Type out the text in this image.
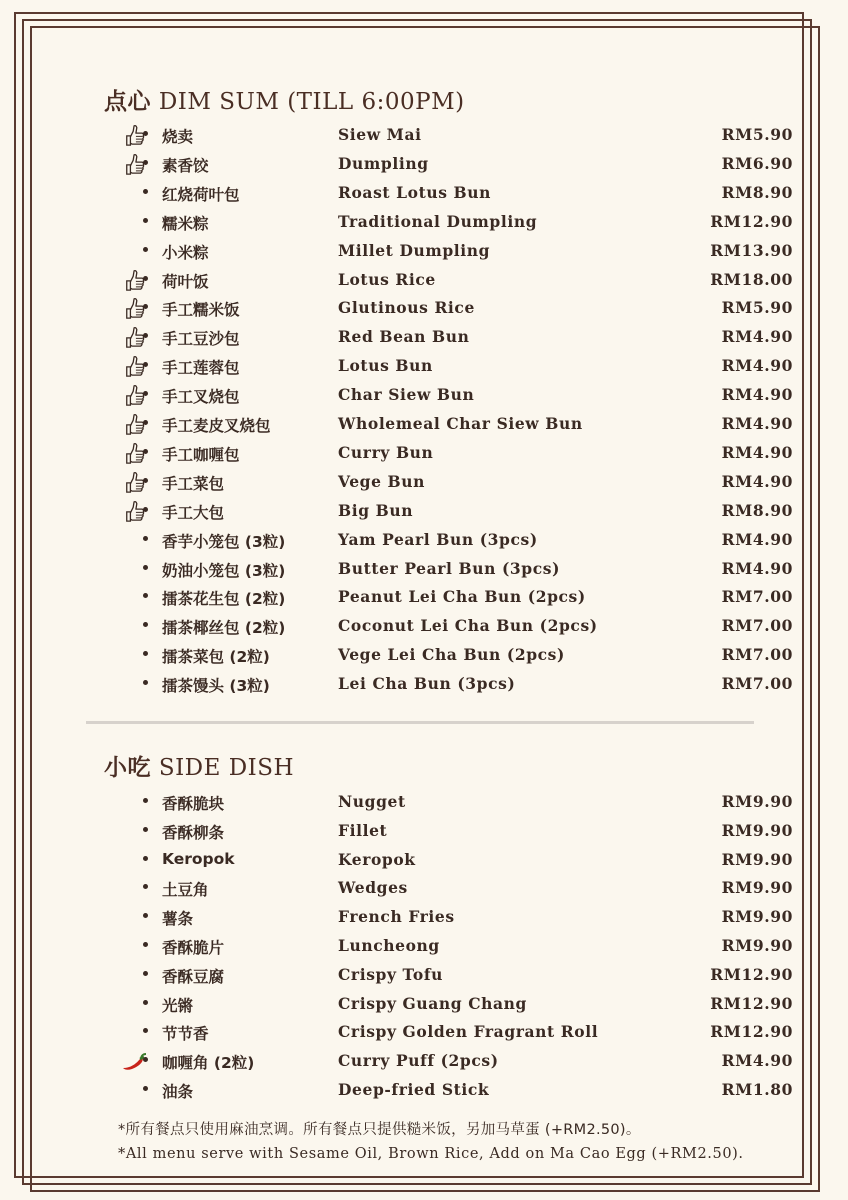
点心 DIM SUM (TILL 6:00PM)
烧卖	Siew Mai	RM5.90
素香饺	Dumpling	RM6.90
红烧荷叶包	Roast Lotus Bun	RM8.90
糯米粽	Traditional Dumpling	RM12.90
小米粽	Millet Dumpling	RM13.90
荷叶饭	Lotus Rice	RM18.00
手工糯米饭	Glutinous Rice	RM5.90
手工豆沙包	Red Bean Bun	RM4.90
手工莲蓉包	Lotus Bun	RM4.90
手工叉烧包	Char Siew Bun	RM4.90
手工麦皮叉烧包	Wholemeal Char Siew Bun	RM4.90
手工咖喱包	Curry Bun	RM4.90
手工菜包	Vege Bun	RM4.90
手工大包	Big Bun	RM8.90
香芋小笼包 (3粒)	Yam Pearl Bun (3pcs)	RM4.90
奶油小笼包 (3粒)	Butter Pearl Bun (3pcs)	RM4.90
擂茶花生包 (2粒)	Peanut Lei Cha Bun (2pcs)	RM7.00
擂茶椰丝包 (2粒)	Coconut Lei Cha Bun (2pcs)	RM7.00
擂茶菜包 (2粒)	Vege Lei Cha Bun (2pcs)	RM7.00
擂茶馒头 (3粒)	Lei Cha Bun (3pcs)	RM7.00
小吃 SIDE DISH
香酥脆块	Nugget	RM9.90
香酥柳条	Fillet	RM9.90
Keropok	Keropok	RM9.90
土豆角	Wedges	RM9.90
薯条	French Fries	RM9.90
香酥脆片	Luncheong	RM9.90
香酥豆腐	Crispy Tofu	RM12.90
光锵	Crispy Guang Chang	RM12.90
节节香	Crispy Golden Fragrant Roll	RM12.90
咖喱角 (2粒)	Curry Puff (2pcs)	RM4.90
油条	Deep-fried Stick	RM1.80
*所有餐点只使用麻油烹调。所有餐点只提供糙米饭，另加马草蛋 (+RM2.50)。
*All menu serve with Sesame Oil, Brown Rice, Add on Ma Cao Egg (+RM2.50).
